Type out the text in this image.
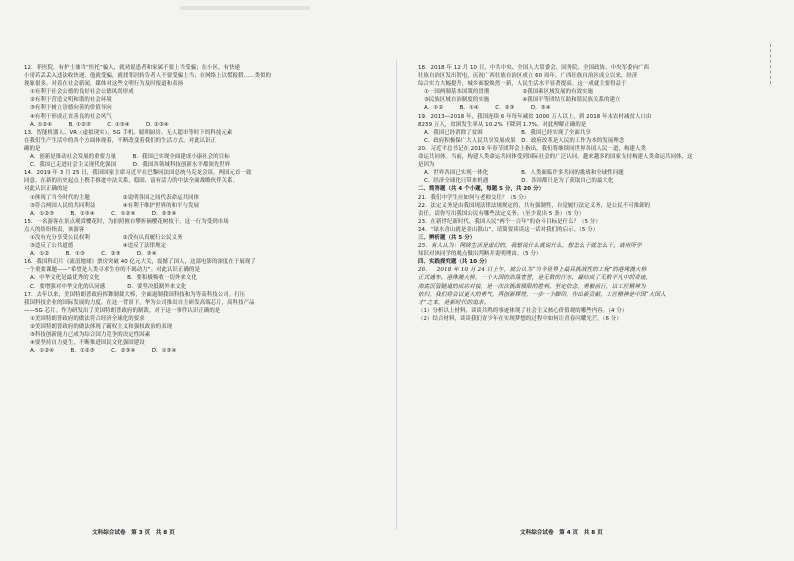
12．菲医院，有护士兼当“医托”骗人，就劝说患者和家属不要上当受骗；在小区，有快递
小哥若丢丢入违法收快递，他就受骗，就找邻居转告者人不要受骗上当；在网络上以慌报假……类似的
现象很多，对着在社会新闻，媒体对这些文明行为及时报道和表扬
①有利于社会公德的良好社会公德风尚形成
②有利于营造文明和谐的社会环境
③有利于树立崇德向善的价值导向
④有利于形成正直善良的社会风气
A. ①②④　　　B. ①②③　　　C. ①③④　　　D. ②③④
13．智能机器人、VR（虚拟现实）、5G 手机、聪明厨房、无人超市等时下的科技元素
在我们生产生活中的各个方面体现着，不断改变着我们的生活方式。对此认识正
确的是
A．创新是推动社会发展的重要力量　　　B．我国已实现全面建成小康社会的目标
C．我国已走进社会主义现代化强国　　　D．我国各领域科技创新水平都领先世界
14．2019 年 3 月 25 日，我国国家主席习近平在巴黎同法国总统马克龙会谈，两国元首一致
同意，在新的历史起点上携手推进中法关系，稳固、富有活力的中法全面战略伙伴关系。
对此认识正确的是
①体现了当今时代的主题　　　　　　②说明各国之间代表命运共同体
③符合两国人民的共同利益　　　　　④有利于维护世界的和平与发展
A．①②③　　　B．①③④　　　C．①②④　　　D．②③④
15．一名游客在景点观赏樱花时，为拍照擅自攀折摘樱花树枝干。这一行为受到市场
点人的纷纷指责，该游客
①没有充分享受公民权利　　　　　　②没有认真履行公民义务
③违反了公共道德　　　　　　　　　④违反了法律规定
A．①②　　　B．①③　　　C．②③　　　D．③④
16．我国科幻片《流浪地球》票房突破 40 亿元大关，震撼了国人，这部电影的深度在于展现了
一个重要课题——“希望是人类寻求生存的不竭动力”。对此认识正确的是
A．中华文化是最优秀的文化　　　　　B．要积极吸收一切外来文化
C．要增强对中华文化的认同感　　　　D．要坚决抵制外来文化
17．去年以来，美国特朗普政府挥舞制裁大棒，全面遏制我国科技和为等高科技公司。打压
我国科技企业的国际发展的力度。在这一背景下，华为公司推出自主研发高端芯片，高科技产品
——5G 芯片。作为研发出了美国特朗普政府的制裁。对于这一事件认识正确的是
①美国特朗普政府的做法符合经济全球化的要求
②美国特朗普政府的做法体现了霸权主义和强权政治的表现
③科技创新能力已成为综合国力竞争的决定性因素
④要坚持自力更生，不断推进国民文化强国建设
A．①②④　　　B．①②③　　　C．②③④　　　D．①③④
18．2018 年 12 月 10 日，中共中央、全国人大常委会、国务院、全国政协、中央军委向广西
壮族自治区发出贺电，庆祝广西壮族自治区成立 60 周年。广西壮族自治区成立以来，经济
综合实力大幅提升，城乡面貌焕然一新，人民生活水平显著提高。这一成就主要得益于
①一国两制基本国策的贯彻　　　　　　②我国乘区域发展的有效实施
③民族区域自治制度的实施　　　　　　④我国平等团结互助和谐民族关系的建立
A．①②　　　B．①④　　　C．②③　　　D．③④
19．2013—2018 年，我国连续 6 年每年减贫 1000 万人以上，到 2018 年末农村减贫人口由
8239 万人，贫困发生率从 10.2% 下降到 1.7%。对此理解正确的是
A．我国已经消除了贫困　　　　　　　B．我国已经实现了全面共享
C．政府积极保广大人民共享发展成果　D．政府改革是人民的工作为本的发展理念
20．习近平总书记在 2019 年春节团拜会上指出，我们将继续同世界各国人民一道，构建人类
命运共同体。当前，构建人类命运共同体受到国际社会的广泛认同，越来越多的国家支持构建人类命运共同体，这
是因为
A．世界各国已实现一体化　　　　　　B．人类面临许多共同的挑战和全球性问题
C．经济全球化只带来机遇　　　　　　D．各国都只是为了获取自己的最大化
二、简答题（共 4 个小题，每题 5 分，共 20 分）
21．我们中学生应如何与老师交往？（5 分）
22．法定义务是由我国现法律法规规定的，共有强制性，自觉履行法定义务，是公民不可推卸的
责任。请你写出我国公民有哪些法定义务。（至少说出 5 条）（5 分）
23．在新世纪新时代，我国人民“两个一百年”的奋斗目标是什么？（5 分）
24．“绿水青山就是金山银山”，请简要谈谈这一话对我们的启示。（5 分）
三、辨析题（共 5 分）
25．有人认为：网络生活是虚幻的，我想说什么就说什么，想怎么干就怎么干。请用所学
知识对该同学的观点做出判断并说明理由。（5 分）
四、实践探究题（共 10 分）
26．　2018 年 10 月 24 日上午，被公认为“当今世界上最具挑战性的工程”的港珠澳大桥
正式通车。港珠澳大桥，一个大国的浩荡宣誓，是无数的汗水，凝结成了无数平凡中的奇迹，
海底沉管隧道的成功对接，是一次次挑战极限的胜利。坚定信念，勇毅前行，以工匠精神为
依归，我们将会以更大的勇气，再创新辉煌，一步一个脚印，作出新贡献。工匠精神是中国“大国人
才”之本，是新时代的追求。
（1）分析以上材料，谈谈共鸣的事迹体现了社会主义核心价值观的哪些内容。（4 分）
（2）结合材料，谈谈我们青少年在实现梦想的过程中如何让青春闪耀光芒。（6 分）
文科综合试卷　第 3 页　共 8 页	文科综合试卷　第 4 页　共 8 页
